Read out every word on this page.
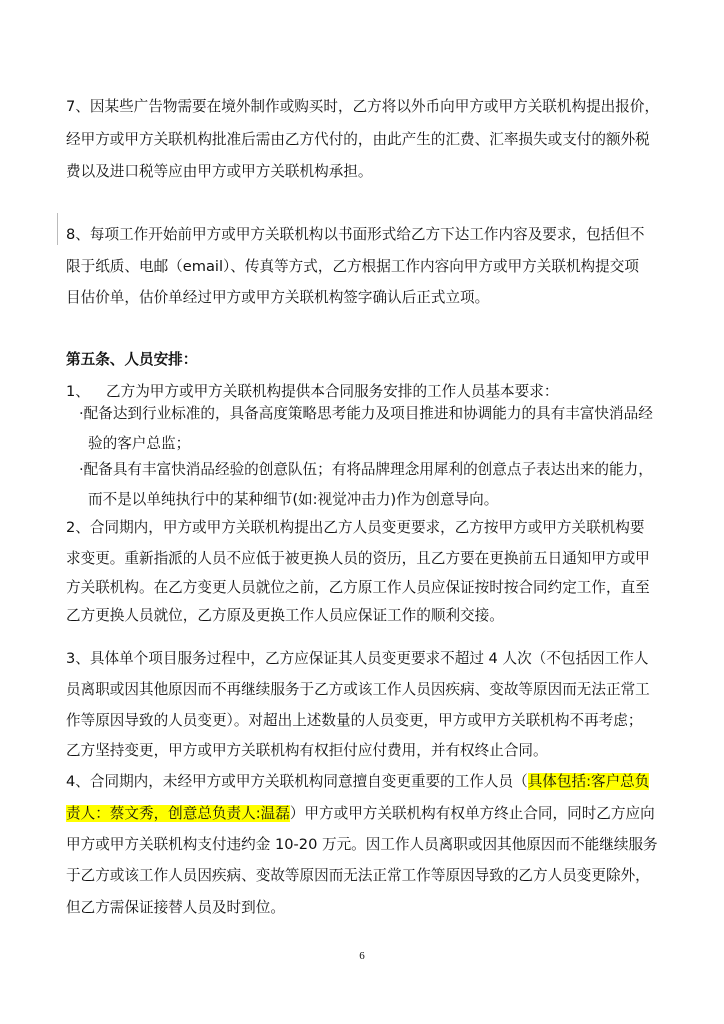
7、因某些广告物需要在境外制作或购买时，乙方将以外币向甲方或甲方关联机构提出报价，
经甲方或甲方关联机构批准后需由乙方代付的，由此产生的汇费、汇率损失或支付的额外税
费以及进口税等应由甲方或甲方关联机构承担。
8、每项工作开始前甲方或甲方关联机构以书面形式给乙方下达工作内容及要求，包括但不
限于纸质、电邮（email）、传真等方式，乙方根据工作内容向甲方或甲方关联机构提交项
目估价单，估价单经过甲方或甲方关联机构签字确认后正式立项。
第五条、人员安排：
1、 乙方为甲方或甲方关联机构提供本合同服务安排的工作人员基本要求：
·配备达到行业标准的，具备高度策略思考能力及项目推进和协调能力的具有丰富快消品经
验的客户总监；
·配备具有丰富快消品经验的创意队伍；有将品牌理念用犀利的创意点子表达出来的能力，
而不是以单纯执行中的某种细节(如:视觉冲击力)作为创意导向。
2、合同期内，甲方或甲方关联机构提出乙方人员变更要求，乙方按甲方或甲方关联机构要
求变更。重新指派的人员不应低于被更换人员的资历，且乙方要在更换前五日通知甲方或甲
方关联机构。在乙方变更人员就位之前，乙方原工作人员应保证按时按合同约定工作，直至
乙方更换人员就位，乙方原及更换工作人员应保证工作的顺利交接。
3、具体单个项目服务过程中，乙方应保证其人员变更要求不超过 4 人次（不包括因工作人
员离职或因其他原因而不再继续服务于乙方或该工作人员因疾病、变故等原因而无法正常工
作等原因导致的人员变更）。对超出上述数量的人员变更，甲方或甲方关联机构不再考虑；
乙方坚持变更，甲方或甲方关联机构有权拒付应付费用，并有权终止合同。
4、合同期内，未经甲方或甲方关联机构同意擅自变更重要的工作人员（具体包括:客户总负
责人：蔡文秀，创意总负责人:温磊）甲方或甲方关联机构有权单方终止合同，同时乙方应向
甲方或甲方关联机构支付违约金 10-20 万元。因工作人员离职或因其他原因而不能继续服务
于乙方或该工作人员因疾病、变故等原因而无法正常工作等原因导致的乙方人员变更除外，
但乙方需保证接替人员及时到位。
6
